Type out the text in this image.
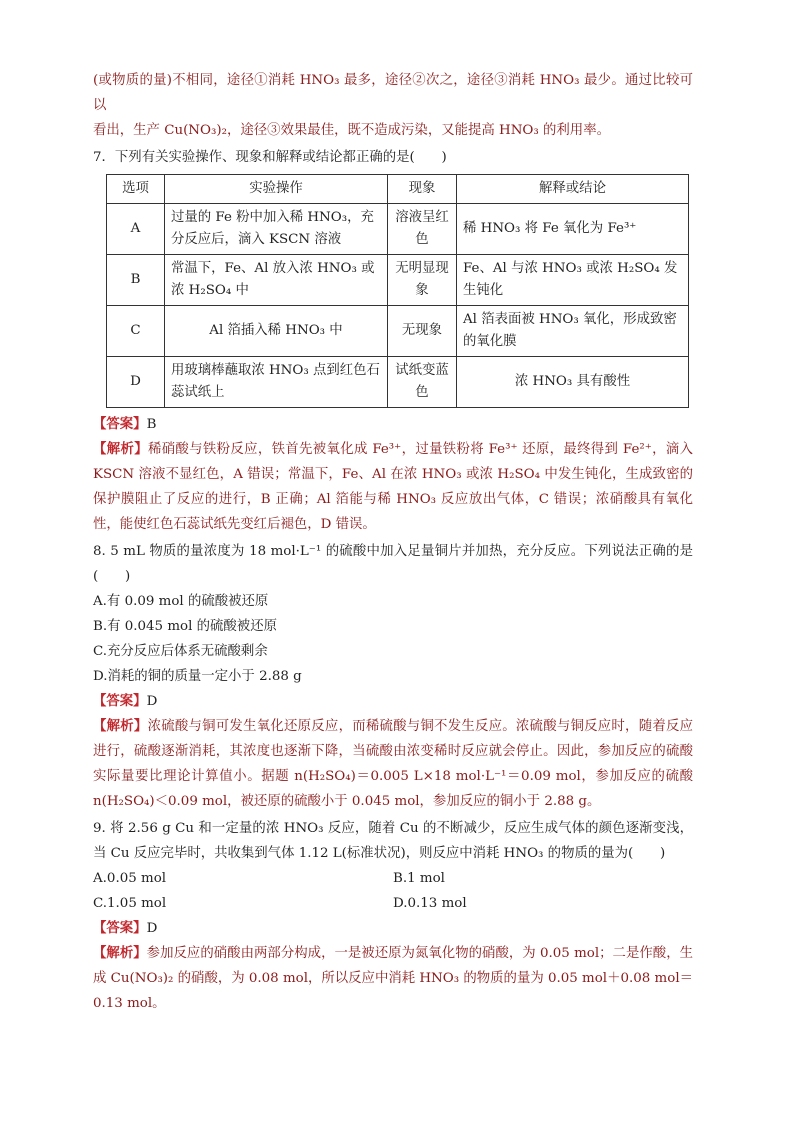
(或物质的量)不相同，途径①消耗 HNO₃ 最多，途径②次之，途径③消耗 HNO₃ 最少。通过比较可以

看出，生产 Cu(NO₃)₂，途径③效果最佳，既不造成污染，又能提高 HNO₃ 的利用率。

7．下列有关实验操作、现象和解释或结论都正确的是(　　)

选项	实验操作	现象	解释或结论
A	过量的 Fe 粉中加入稀 HNO₃，充分反应后，滴入 KSCN 溶液	溶液呈红色	稀 HNO₃ 将 Fe 氧化为 Fe³⁺
B	常温下，Fe、Al 放入浓 HNO₃ 或浓 H₂SO₄ 中	无明显现象	Fe、Al 与浓 HNO₃ 或浓 H₂SO₄ 发生钝化
C	Al 箔插入稀 HNO₃ 中	无现象	Al 箔表面被 HNO₃ 氧化，形成致密的氧化膜
D	用玻璃棒蘸取浓 HNO₃ 点到红色石蕊试纸上	试纸变蓝色	浓 HNO₃ 具有酸性

【答案】B

【解析】稀硝酸与铁粉反应，铁首先被氧化成 Fe³⁺，过量铁粉将 Fe³⁺ 还原，最终得到 Fe²⁺，滴入 KSCN 溶液不显红色，A 错误；常温下，Fe、Al 在浓 HNO₃ 或浓 H₂SO₄ 中发生钝化，生成致密的保护膜阻止了反应的进行，B 正确；Al 箔能与稀 HNO₃ 反应放出气体，C 错误；浓硝酸具有氧化性，能使红色石蕊试纸先变红后褪色，D 错误。

8. 5 mL 物质的量浓度为 18 mol·L⁻¹ 的硫酸中加入足量铜片并加热，充分反应。下列说法正确的是(　　)

A.有 0.09 mol 的硫酸被还原

B.有 0.045 mol 的硫酸被还原

C.充分反应后体系无硫酸剩余

D.消耗的铜的质量一定小于 2.88 g

【答案】D

【解析】浓硫酸与铜可发生氧化还原反应，而稀硫酸与铜不发生反应。浓硫酸与铜反应时，随着反应进行，硫酸逐渐消耗，其浓度也逐渐下降，当硫酸由浓变稀时反应就会停止。因此，参加反应的硫酸实际量要比理论计算值小。据题 n(H₂SO₄)＝0.005 L×18 mol·L⁻¹＝0.09 mol，参加反应的硫酸 n(H₂SO₄)＜0.09 mol，被还原的硫酸小于 0.045 mol，参加反应的铜小于 2.88 g。

9. 将 2.56 g Cu 和一定量的浓 HNO₃ 反应，随着 Cu 的不断减少，反应生成气体的颜色逐渐变浅，当 Cu 反应完毕时，共收集到气体 1.12 L(标准状况)，则反应中消耗 HNO₃ 的物质的量为(　　)

A.0.05 mol	B.1 mol
C.1.05 mol	D.0.13 mol

【答案】D

【解析】参加反应的硝酸由两部分构成，一是被还原为氮氧化物的硝酸，为 0.05 mol；二是作酸，生成 Cu(NO₃)₂ 的硝酸，为 0.08 mol，所以反应中消耗 HNO₃ 的物质的量为 0.05 mol＋0.08 mol＝0.13 mol。
